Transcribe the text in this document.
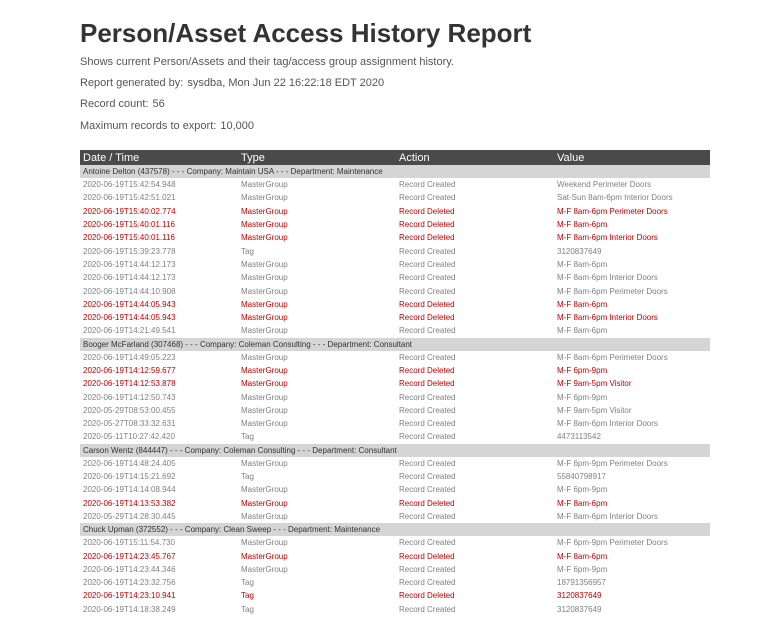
Person/Asset Access History Report
Shows current Person/Assets and their tag/access group assignment history.
Report generated by: sysdba, Mon Jun 22 16:22:18 EDT 2020
Record count: 56
Maximum records to export: 10,000
Date / Time	Type	Action	Value
Antoine Delton (437578) - - - Company: Maintain USA - - - Department: Maintenance			
2020-06-19T15:42:54.948	MasterGroup	Record Created	Weekend Perimeter Doors
2020-06-19T15:42:51.021	MasterGroup	Record Created	Sat-Sun 8am-6pm Interior Doors
2020-06-19T15:40:02.774	MasterGroup	Record Deleted	M-F 8am-6pm Perimeter Doors
2020-06-19T15:40:01.116	MasterGroup	Record Deleted	M-F 8am-6pm
2020-06-19T15:40:01.116	MasterGroup	Record Deleted	M-F 8am-6pm Interior Doors
2020-06-19T15:39:23.778	Tag	Record Created	3120837649
2020-06-19T14:44:12.173	MasterGroup	Record Created	M-F 8am-6pm
2020-06-19T14:44:12.173	MasterGroup	Record Created	M-F 8am-6pm Interior Doors
2020-06-19T14:44:10.908	MasterGroup	Record Created	M-F 8am-6pm Perimeter Doors
2020-06-19T14:44:05.943	MasterGroup	Record Deleted	M-F 8am-6pm
2020-06-19T14:44:05.943	MasterGroup	Record Deleted	M-F 8am-6pm Interior Doors
2020-06-19T14:21:49.541	MasterGroup	Record Created	M-F 8am-6pm
Booger McFarland (307468) - - - Company: Coleman Consulting - - - Department: Consultant			
2020-06-19T14:49:05.223	MasterGroup	Record Created	M-F 8am-6pm Perimeter Doors
2020-06-19T14:12:59.677	MasterGroup	Record Deleted	M-F 6pm-9pm
2020-06-19T14:12:53.878	MasterGroup	Record Deleted	M-F 9am-5pm Visitor
2020-06-19T14:12:50.743	MasterGroup	Record Created	M-F 6pm-9pm
2020-05-29T08:53:00.455	MasterGroup	Record Created	M-F 9am-5pm Visitor
2020-05-27T08:33:32.631	MasterGroup	Record Created	M-F 8am-6pm Interior Doors
2020-05-11T10:27:42.420	Tag	Record Created	4473113542
Carson Wentz (844447) - - - Company: Coleman Consulting - - - Department: Consultant			
2020-06-19T14:48:24.405	MasterGroup	Record Created	M-F 6pm-9pm Perimeter Doors
2020-06-19T14:15:21.692	Tag	Record Created	55840798917
2020-06-19T14:14:08.944	MasterGroup	Record Created	M-F 6pm-9pm
2020-06-19T14:13:53.382	MasterGroup	Record Deleted	M-F 8am-6pm
2020-05-29T14:28:30.445	MasterGroup	Record Created	M-F 8am-6pm Interior Doors
Chuck Upman (372552) - - - Company: Clean Sweep - - - Department: Maintenance			
2020-06-19T15:11:54.730	MasterGroup	Record Created	M-F 6pm-9pm Perimeter Doors
2020-06-19T14:23:45.767	MasterGroup	Record Deleted	M-F 8am-6pm
2020-06-19T14:23:44.346	MasterGroup	Record Created	M-F 6pm-9pm
2020-06-19T14:23:32.756	Tag	Record Created	18791356957
2020-06-19T14:23:10.941	Tag	Record Deleted	3120837649
2020-06-19T14:18:38.249	Tag	Record Created	3120837649
